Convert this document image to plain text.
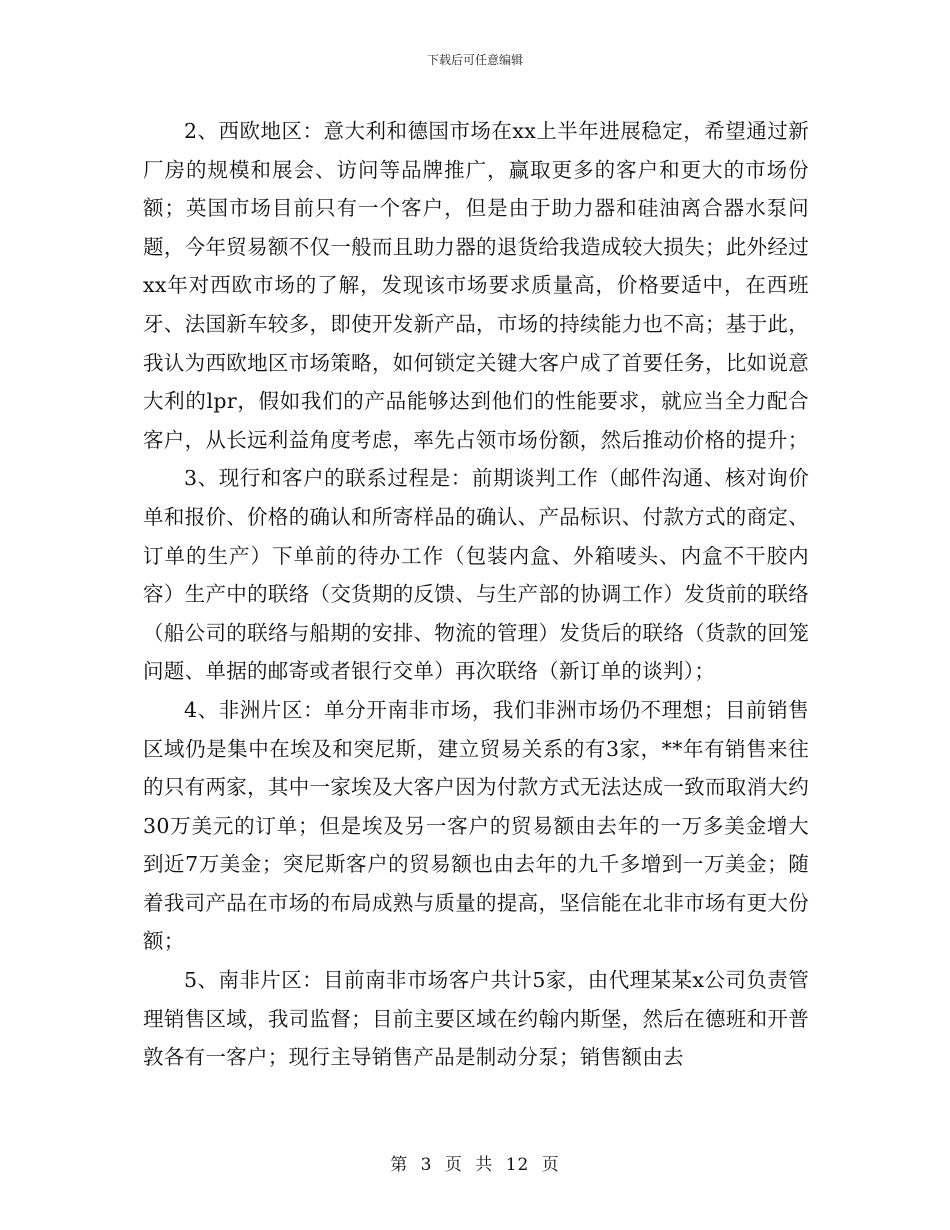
下载后可任意编辑

2、西欧地区：意大利和德国市场在xx上半年进展稳定，希望通过新厂房的规模和展会、访问等品牌推广，赢取更多的客户和更大的市场份额；英国市场目前只有一个客户，但是由于助力器和硅油离合器水泵问题，今年贸易额不仅一般而且助力器的退货给我造成较大损失；此外经过xx年对西欧市场的了解，发现该市场要求质量高，价格要适中，在西班牙、法国新车较多，即使开发新产品，市场的持续能力也不高；基于此，我认为西欧地区市场策略，如何锁定关键大客户成了首要任务，比如说意大利的lpr，假如我们的产品能够达到他们的性能要求，就应当全力配合客户，从长远利益角度考虑，率先占领市场份额，然后推动价格的提升；

3、现行和客户的联系过程是：前期谈判工作（邮件沟通、核对询价单和报价、价格的确认和所寄样品的确认、产品标识、付款方式的商定、订单的生产）下单前的待办工作（包装内盒、外箱唛头、内盒不干胶内容）生产中的联络（交货期的反馈、与生产部的协调工作）发货前的联络（船公司的联络与船期的安排、物流的管理）发货后的联络（货款的回笼问题、单据的邮寄或者银行交单）再次联络（新订单的谈判）；

4、非洲片区：单分开南非市场，我们非洲市场仍不理想；目前销售区域仍是集中在埃及和突尼斯，建立贸易关系的有3家，**年有销售来往的只有两家，其中一家埃及大客户因为付款方式无法达成一致而取消大约30万美元的订单；但是埃及另一客户的贸易额由去年的一万多美金增大到近7万美金；突尼斯客户的贸易额也由去年的九千多增到一万美金；随着我司产品在市场的布局成熟与质量的提高，坚信能在北非市场有更大份额；

5、南非片区：目前南非市场客户共计5家，由代理某某x公司负责管理销售区域，我司监督；目前主要区域在约翰内斯堡，然后在德班和开普敦各有一客户；现行主导销售产品是制动分泵；销售额由去

第 3 页 共 12 页
